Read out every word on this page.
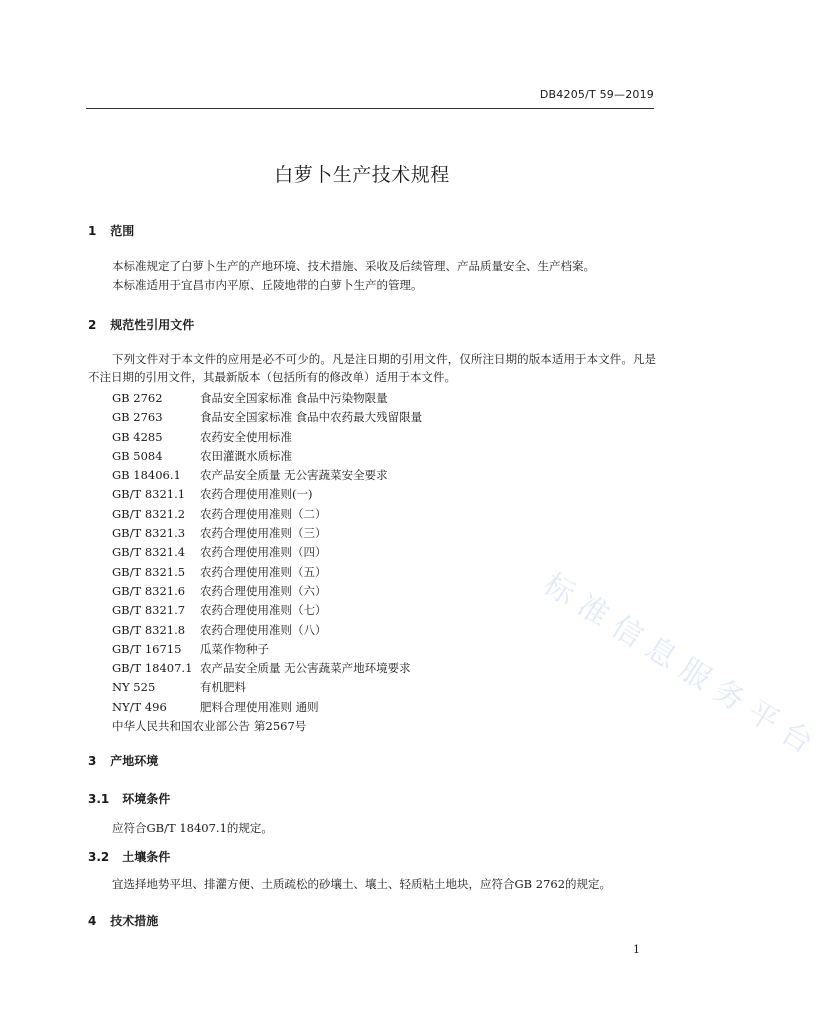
DB4205/T 59—2019
白萝卜生产技术规程
1 范围
本标准规定了白萝卜生产的产地环境、技术措施、采收及后续管理、产品质量安全、生产档案。
本标准适用于宜昌市内平原、丘陵地带的白萝卜生产的管理。
2 规范性引用文件
下列文件对于本文件的应用是必不可少的。凡是注日期的引用文件，仅所注日期的版本适用于本文件。凡是不注日期的引用文件，其最新版本（包括所有的修改单）适用于本文件。
GB 2762	食品安全国家标准 食品中污染物限量
GB 2763	食品安全国家标准 食品中农药最大残留限量
GB 4285	农药安全使用标准
GB 5084	农田灌溉水质标准
GB 18406.1 农产品安全质量 无公害蔬菜安全要求
GB/T 8321.1 农药合理使用准则(一)
GB/T 8321.2 农药合理使用准则（二）
GB/T 8321.3 农药合理使用准则（三）
GB/T 8321.4 农药合理使用准则（四）
GB/T 8321.5 农药合理使用准则（五）
GB/T 8321.6 农药合理使用准则（六）
GB/T 8321.7 农药合理使用准则（七）
GB/T 8321.8 农药合理使用准则（八）
GB/T 16715 瓜菜作物种子
GB/T 18407.1 农产品安全质量 无公害蔬菜产地环境要求
NY 525	有机肥料
NY/T 496	肥料合理使用准则 通则
中华人民共和国农业部公告 第2567号
3 产地环境
3.1 环境条件
应符合GB/T 18407.1的规定。
3.2 土壤条件
宜选择地势平坦、排灌方便、土质疏松的砂壤土、壤土、轻质粘土地块，应符合GB 2762的规定。
4 技术措施
标准信息服务平台
1
